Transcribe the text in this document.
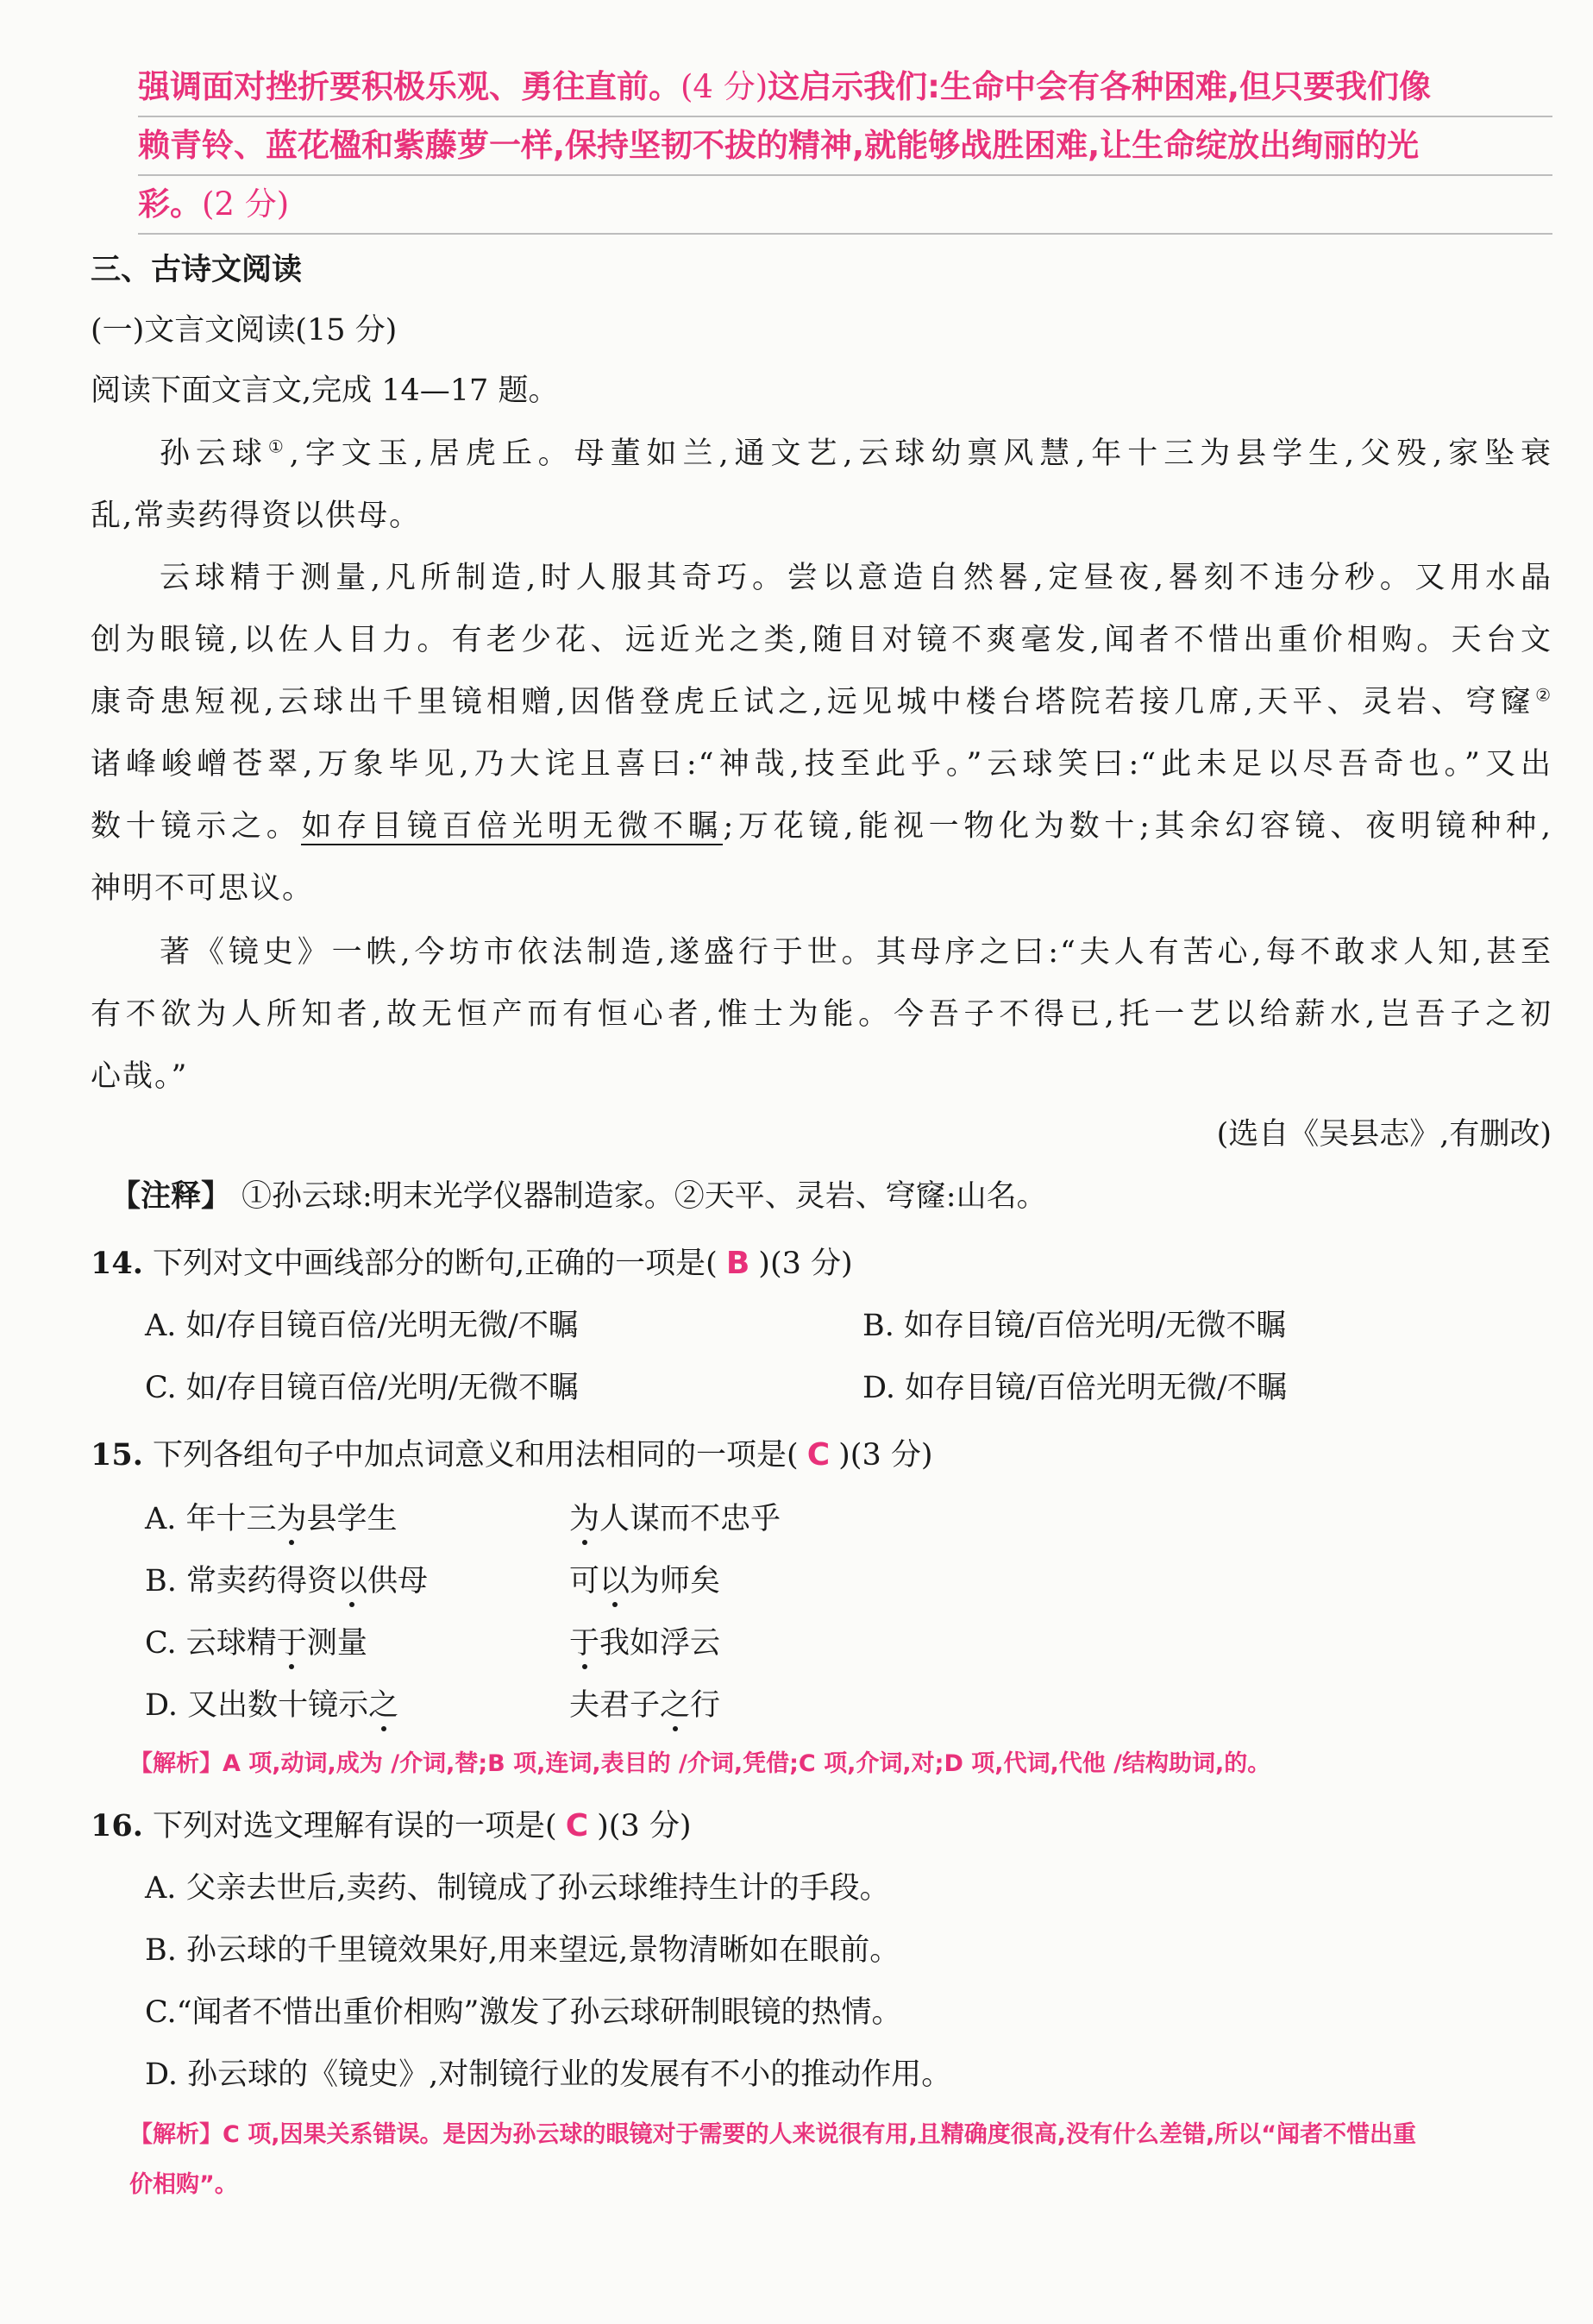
强调面对挫折要积极乐观、勇往直前。(4 分)这启示我们:生命中会有各种困难,但只要我们像
赖青铃、蓝花楹和紫藤萝一样,保持坚韧不拔的精神,就能够战胜困难,让生命绽放出绚丽的光
彩。(2 分)
三、古诗文阅读
(一)文言文阅读(15 分)
阅读下面文言文,完成 14—17 题。
孙云球①,字文玉,居虎丘。母董如兰,通文艺,云球幼禀风慧,年十三为县学生,父殁,家坠衰
乱,常卖药得资以供母。
云球精于测量,凡所制造,时人服其奇巧。尝以意造自然晷,定昼夜,晷刻不违分秒。又用水晶
创为眼镜,以佐人目力。有老少花、远近光之类,随目对镜不爽毫发,闻者不惜出重价相购。天台文
康奇患短视,云球出千里镜相赠,因偕登虎丘试之,远见城中楼台塔院若接几席,天平、灵岩、穹窿②
诸峰峻嶒苍翠,万象毕见,乃大诧且喜曰:“神哉,技至此乎。”云球笑曰:“此未足以尽吾奇也。”又出
数十镜示之。如存目镜百倍光明无微不瞩;万花镜,能视一物化为数十;其余幻容镜、夜明镜种种,
神明不可思议。
著《镜史》一帙,今坊市依法制造,遂盛行于世。其母序之曰:“夫人有苦心,每不敢求人知,甚至
有不欲为人所知者,故无恒产而有恒心者,惟士为能。今吾子不得已,托一艺以给薪水,岂吾子之初
心哉。”
(选自《吴县志》,有删改)
【注释】 ①孙云球:明末光学仪器制造家。②天平、灵岩、穹窿:山名。
14. 下列对文中画线部分的断句,正确的一项是( B )(3 分)
A. 如/存目镜百倍/光明无微/不瞩	B. 如存目镜/百倍光明/无微不瞩
C. 如/存目镜百倍/光明/无微不瞩	D. 如存目镜/百倍光明无微/不瞩
15. 下列各组句子中加点词意义和用法相同的一项是( C )(3 分)
A. 年十三为县学生	为人谋而不忠乎
B. 常卖药得资以供母	可以为师矣
C. 云球精于测量	于我如浮云
D. 又出数十镜示之	夫君子之行
【解析】A 项,动词,成为 /介词,替;B 项,连词,表目的 /介词,凭借;C 项,介词,对;D 项,代词,代他 /结构助词,的。
16. 下列对选文理解有误的一项是( C )(3 分)
A. 父亲去世后,卖药、制镜成了孙云球维持生计的手段。
B. 孙云球的千里镜效果好,用来望远,景物清晰如在眼前。
C.“闻者不惜出重价相购”激发了孙云球研制眼镜的热情。
D. 孙云球的《镜史》,对制镜行业的发展有不小的推动作用。
【解析】C 项,因果关系错误。是因为孙云球的眼镜对于需要的人来说很有用,且精确度很高,没有什么差错,所以“闻者不惜出重
价相购”。
